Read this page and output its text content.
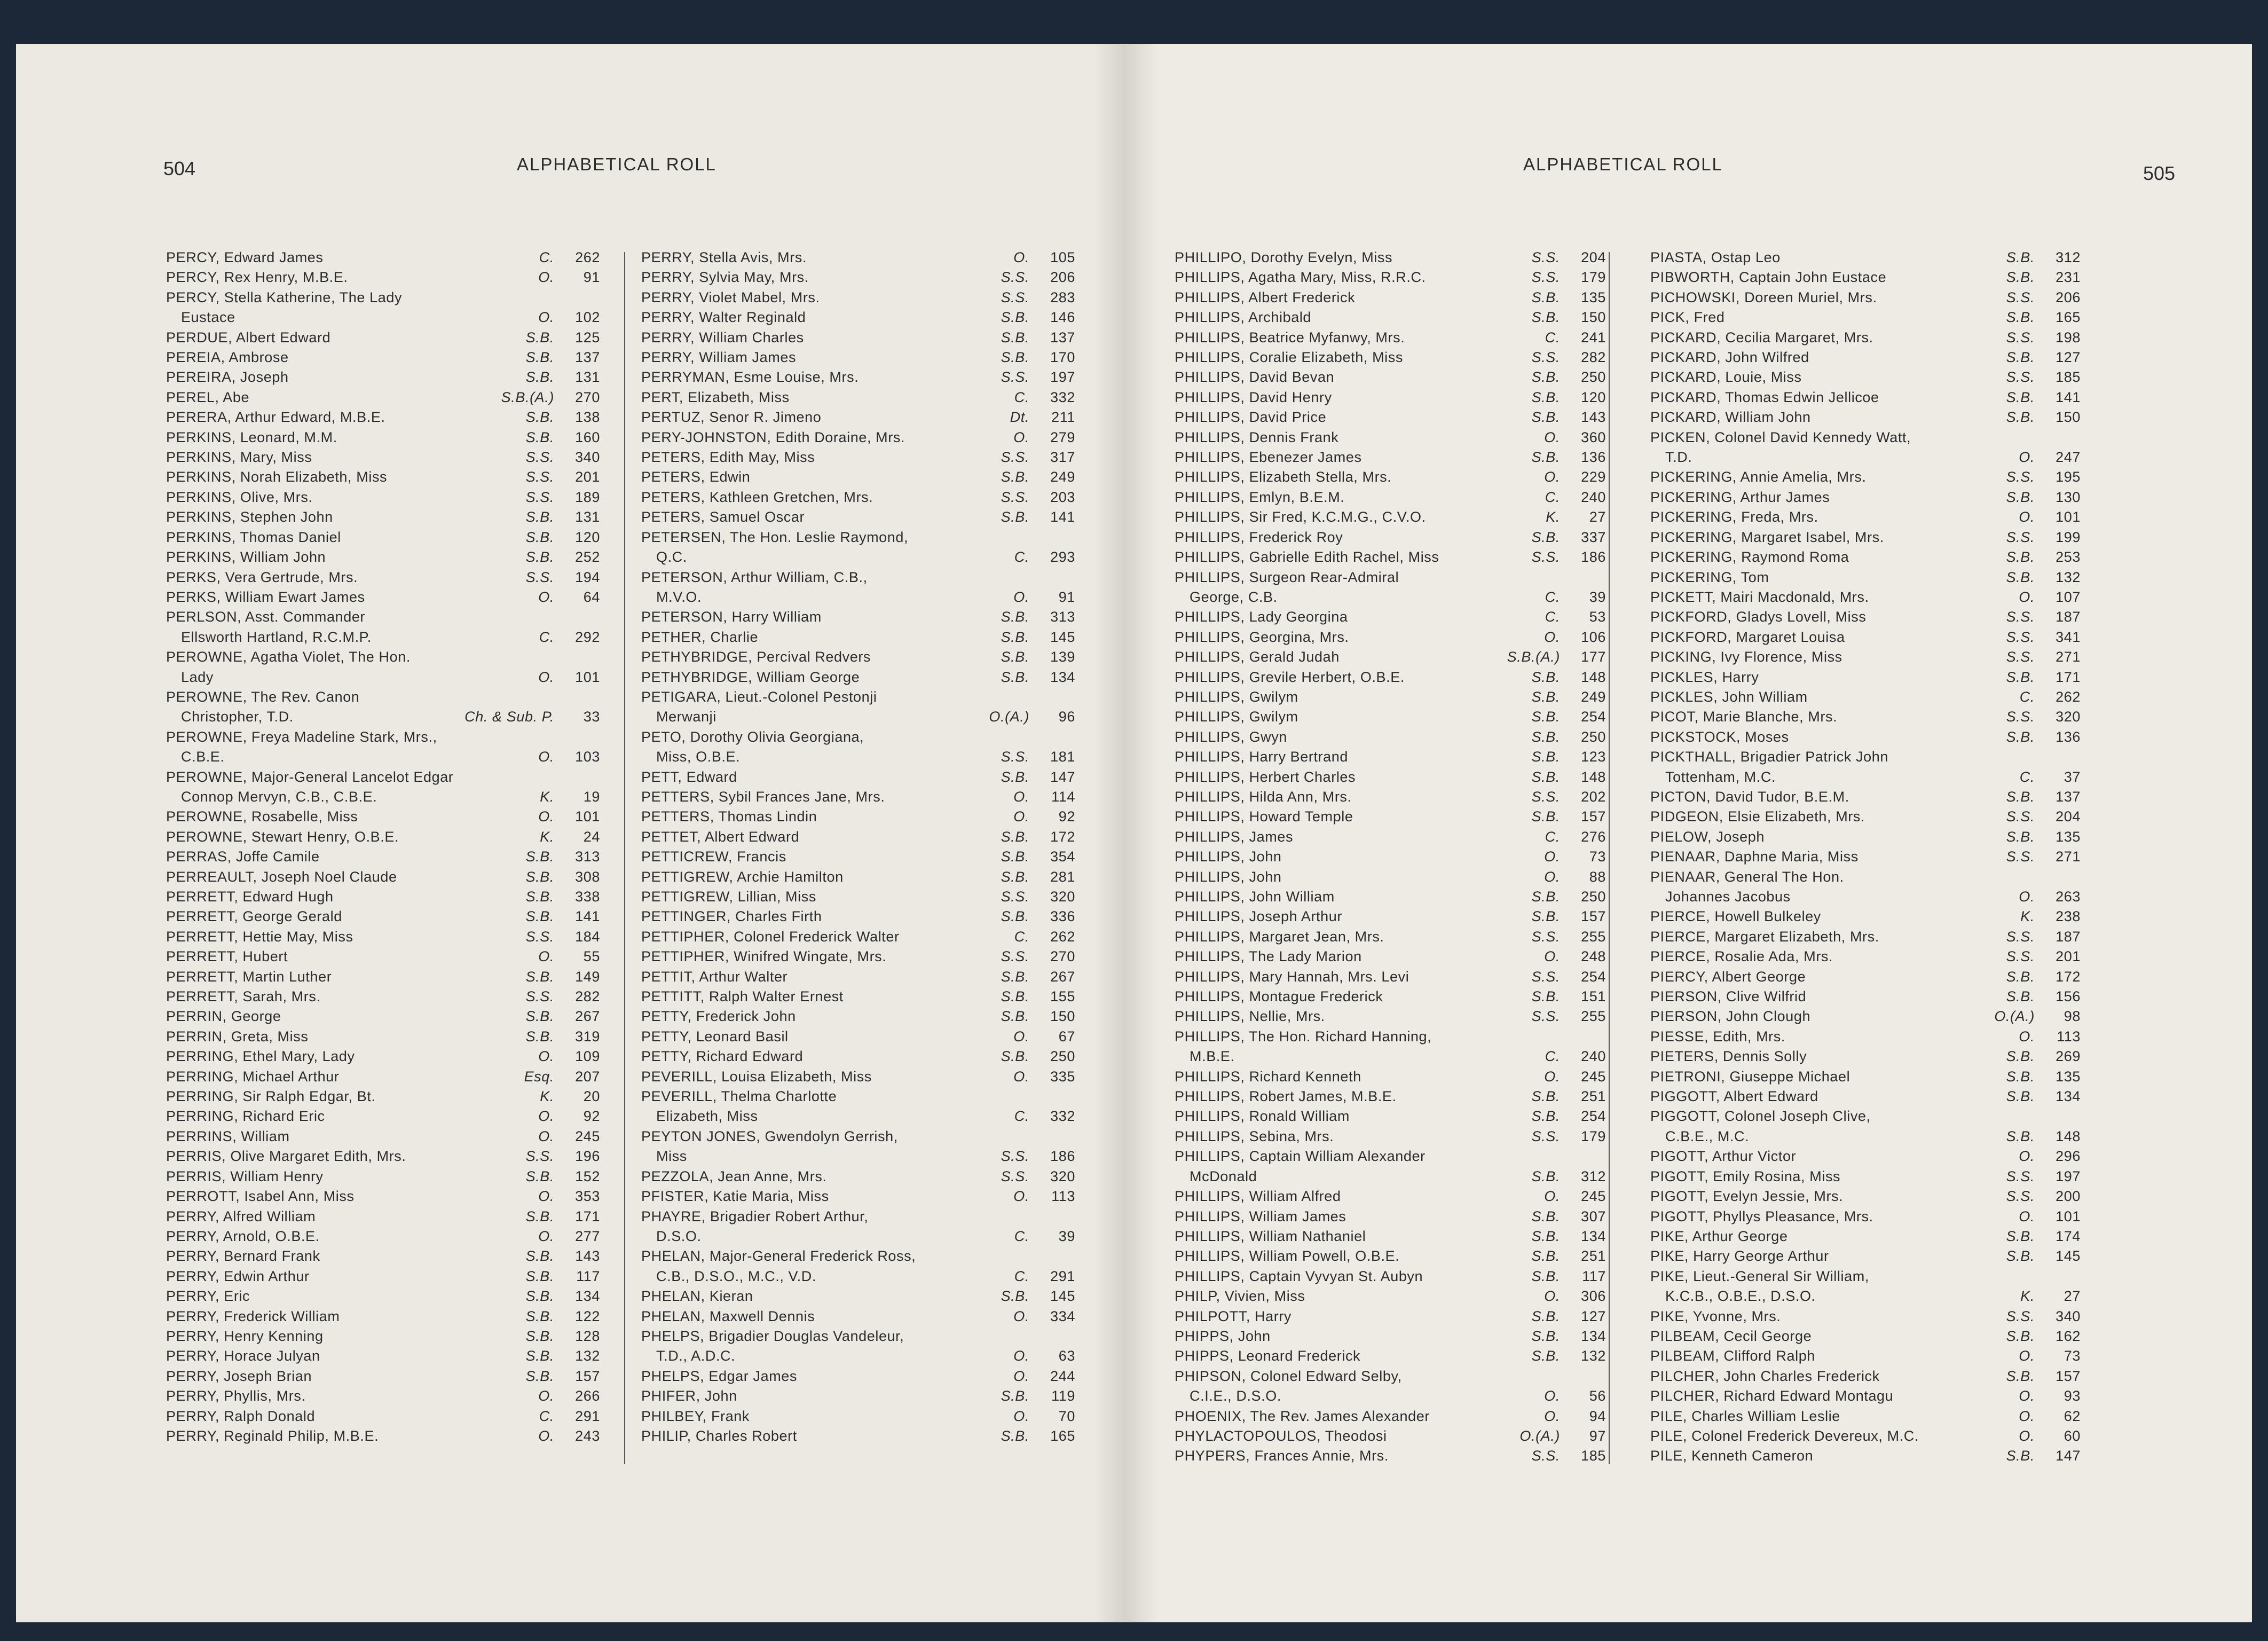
504	ALPHABETICAL ROLL
PERCY, Edward James	C.	262
PERCY, Rex Henry, M.B.E.	O.	91
PERCY, Stella Katherine, The Lady
Eustace	O.	102
PERDUE, Albert Edward	S.B.	125
PEREIA, Ambrose	S.B.	137
PEREIRA, Joseph	S.B.	131
PEREL, Abe	S.B.(A.)	270
PERERA, Arthur Edward, M.B.E.	S.B.	138
PERKINS, Leonard, M.M.	S.B.	160
PERKINS, Mary, Miss	S.S.	340
PERKINS, Norah Elizabeth, Miss	S.S.	201
PERKINS, Olive, Mrs.	S.S.	189
PERKINS, Stephen John	S.B.	131
PERKINS, Thomas Daniel	S.B.	120
PERKINS, William John	S.B.	252
PERKS, Vera Gertrude, Mrs.	S.S.	194
PERKS, William Ewart James	O.	64
PERLSON, Asst. Commander
Ellsworth Hartland, R.C.M.P.	C.	292
PEROWNE, Agatha Violet, The Hon.
Lady	O.	101
PEROWNE, The Rev. Canon
Christopher, T.D.	Ch. & Sub. P.	33
PEROWNE, Freya Madeline Stark, Mrs.,
C.B.E.	O.	103
PEROWNE, Major-General Lancelot Edgar
Connop Mervyn, C.B., C.B.E.	K.	19
PEROWNE, Rosabelle, Miss	O.	101
PEROWNE, Stewart Henry, O.B.E.	K.	24
PERRAS, Joffe Camile	S.B.	313
PERREAULT, Joseph Noel Claude	S.B.	308
PERRETT, Edward Hugh	S.B.	338
PERRETT, George Gerald	S.B.	141
PERRETT, Hettie May, Miss	S.S.	184
PERRETT, Hubert	O.	55
PERRETT, Martin Luther	S.B.	149
PERRETT, Sarah, Mrs.	S.S.	282
PERRIN, George	S.B.	267
PERRIN, Greta, Miss	S.B.	319
PERRING, Ethel Mary, Lady	O.	109
PERRING, Michael Arthur	Esq.	207
PERRING, Sir Ralph Edgar, Bt.	K.	20
PERRING, Richard Eric	O.	92
PERRINS, William	O.	245
PERRIS, Olive Margaret Edith, Mrs.	S.S.	196
PERRIS, William Henry	S.B.	152
PERROTT, Isabel Ann, Miss	O.	353
PERRY, Alfred William	S.B.	171
PERRY, Arnold, O.B.E.	O.	277
PERRY, Bernard Frank	S.B.	143
PERRY, Edwin Arthur	S.B.	117
PERRY, Eric	S.B.	134
PERRY, Frederick William	S.B.	122
PERRY, Henry Kenning	S.B.	128
PERRY, Horace Julyan	S.B.	132
PERRY, Joseph Brian	S.B.	157
PERRY, Phyllis, Mrs.	O.	266
PERRY, Ralph Donald	C.	291
PERRY, Reginald Philip, M.B.E.	O.	243
PERRY, Stella Avis, Mrs.	O.	105
PERRY, Sylvia May, Mrs.	S.S.	206
PERRY, Violet Mabel, Mrs.	S.S.	283
PERRY, Walter Reginald	S.B.	146
PERRY, William Charles	S.B.	137
PERRY, William James	S.B.	170
PERRYMAN, Esme Louise, Mrs.	S.S.	197
PERT, Elizabeth, Miss	C.	332
PERTUZ, Senor R. Jimeno	Dt.	211
PERY-JOHNSTON, Edith Doraine, Mrs.	O.	279
PETERS, Edith May, Miss	S.S.	317
PETERS, Edwin	S.B.	249
PETERS, Kathleen Gretchen, Mrs.	S.S.	203
PETERS, Samuel Oscar	S.B.	141
PETERSEN, The Hon. Leslie Raymond,
Q.C.	C.	293
PETERSON, Arthur William, C.B.,
M.V.O.	O.	91
PETERSON, Harry William	S.B.	313
PETHER, Charlie	S.B.	145
PETHYBRIDGE, Percival Redvers	S.B.	139
PETHYBRIDGE, William George	S.B.	134
PETIGARA, Lieut.-Colonel Pestonji
Merwanji	O.(A.)	96
PETO, Dorothy Olivia Georgiana,
Miss, O.B.E.	S.S.	181
PETT, Edward	S.B.	147
PETTERS, Sybil Frances Jane, Mrs.	O.	114
PETTERS, Thomas Lindin	O.	92
PETTET, Albert Edward	S.B.	172
PETTICREW, Francis	S.B.	354
PETTIGREW, Archie Hamilton	S.B.	281
PETTIGREW, Lillian, Miss	S.S.	320
PETTINGER, Charles Firth	S.B.	336
PETTIPHER, Colonel Frederick Walter	C.	262
PETTIPHER, Winifred Wingate, Mrs.	S.S.	270
PETTIT, Arthur Walter	S.B.	267
PETTITT, Ralph Walter Ernest	S.B.	155
PETTY, Frederick John	S.B.	150
PETTY, Leonard Basil	O.	67
PETTY, Richard Edward	S.B.	250
PEVERILL, Louisa Elizabeth, Miss	O.	335
PEVERILL, Thelma Charlotte
Elizabeth, Miss	C.	332
PEYTON JONES, Gwendolyn Gerrish,
Miss	S.S.	186
PEZZOLA, Jean Anne, Mrs.	S.S.	320
PFISTER, Katie Maria, Miss	O.	113
PHAYRE, Brigadier Robert Arthur,
D.S.O.	C.	39
PHELAN, Major-General Frederick Ross,
C.B., D.S.O., M.C., V.D.	C.	291
PHELAN, Kieran	S.B.	145
PHELAN, Maxwell Dennis	O.	334
PHELPS, Brigadier Douglas Vandeleur,
T.D., A.D.C.	O.	63
PHELPS, Edgar James	O.	244
PHIFER, John	S.B.	119
PHILBEY, Frank	O.	70
PHILIP, Charles Robert	S.B.	165
ALPHABETICAL ROLL	505
PHILLIPO, Dorothy Evelyn, Miss	S.S.	204
PHILLIPS, Agatha Mary, Miss, R.R.C.	S.S.	179
PHILLIPS, Albert Frederick	S.B.	135
PHILLIPS, Archibald	S.B.	150
PHILLIPS, Beatrice Myfanwy, Mrs.	C.	241
PHILLIPS, Coralie Elizabeth, Miss	S.S.	282
PHILLIPS, David Bevan	S.B.	250
PHILLIPS, David Henry	S.B.	120
PHILLIPS, David Price	S.B.	143
PHILLIPS, Dennis Frank	O.	360
PHILLIPS, Ebenezer James	S.B.	136
PHILLIPS, Elizabeth Stella, Mrs.	O.	229
PHILLIPS, Emlyn, B.E.M.	C.	240
PHILLIPS, Sir Fred, K.C.M.G., C.V.O.	K.	27
PHILLIPS, Frederick Roy	S.B.	337
PHILLIPS, Gabrielle Edith Rachel, Miss	S.S.	186
PHILLIPS, Surgeon Rear-Admiral
George, C.B.	C.	39
PHILLIPS, Lady Georgina	C.	53
PHILLIPS, Georgina, Mrs.	O.	106
PHILLIPS, Gerald Judah	S.B.(A.)	177
PHILLIPS, Grevile Herbert, O.B.E.	S.B.	148
PHILLIPS, Gwilym	S.B.	249
PHILLIPS, Gwilym	S.B.	254
PHILLIPS, Gwyn	S.B.	250
PHILLIPS, Harry Bertrand	S.B.	123
PHILLIPS, Herbert Charles	S.B.	148
PHILLIPS, Hilda Ann, Mrs.	S.S.	202
PHILLIPS, Howard Temple	S.B.	157
PHILLIPS, James	C.	276
PHILLIPS, John	O.	73
PHILLIPS, John	O.	88
PHILLIPS, John William	S.B.	250
PHILLIPS, Joseph Arthur	S.B.	157
PHILLIPS, Margaret Jean, Mrs.	S.S.	255
PHILLIPS, The Lady Marion	O.	248
PHILLIPS, Mary Hannah, Mrs. Levi	S.S.	254
PHILLIPS, Montague Frederick	S.B.	151
PHILLIPS, Nellie, Mrs.	S.S.	255
PHILLIPS, The Hon. Richard Hanning,
M.B.E.	C.	240
PHILLIPS, Richard Kenneth	O.	245
PHILLIPS, Robert James, M.B.E.	S.B.	251
PHILLIPS, Ronald William	S.B.	254
PHILLIPS, Sebina, Mrs.	S.S.	179
PHILLIPS, Captain William Alexander
McDonald	S.B.	312
PHILLIPS, William Alfred	O.	245
PHILLIPS, William James	S.B.	307
PHILLIPS, William Nathaniel	S.B.	134
PHILLIPS, William Powell, O.B.E.	S.B.	251
PHILLIPS, Captain Vyvyan St. Aubyn	S.B.	117
PHILP, Vivien, Miss	O.	306
PHILPOTT, Harry	S.B.	127
PHIPPS, John	S.B.	134
PHIPPS, Leonard Frederick	S.B.	132
PHIPSON, Colonel Edward Selby,
C.I.E., D.S.O.	O.	56
PHOENIX, The Rev. James Alexander	O.	94
PHYLACTOPOULOS, Theodosi	O.(A.)	97
PHYPERS, Frances Annie, Mrs.	S.S.	185
PIASTA, Ostap Leo	S.B.	312
PIBWORTH, Captain John Eustace	S.B.	231
PICHOWSKI, Doreen Muriel, Mrs.	S.S.	206
PICK, Fred	S.B.	165
PICKARD, Cecilia Margaret, Mrs.	S.S.	198
PICKARD, John Wilfred	S.B.	127
PICKARD, Louie, Miss	S.S.	185
PICKARD, Thomas Edwin Jellicoe	S.B.	141
PICKARD, William John	S.B.	150
PICKEN, Colonel David Kennedy Watt,
T.D.	O.	247
PICKERING, Annie Amelia, Mrs.	S.S.	195
PICKERING, Arthur James	S.B.	130
PICKERING, Freda, Mrs.	O.	101
PICKERING, Margaret Isabel, Mrs.	S.S.	199
PICKERING, Raymond Roma	S.B.	253
PICKERING, Tom	S.B.	132
PICKETT, Mairi Macdonald, Mrs.	O.	107
PICKFORD, Gladys Lovell, Miss	S.S.	187
PICKFORD, Margaret Louisa	S.S.	341
PICKING, Ivy Florence, Miss	S.S.	271
PICKLES, Harry	S.B.	171
PICKLES, John William	C.	262
PICOT, Marie Blanche, Mrs.	S.S.	320
PICKSTOCK, Moses	S.B.	136
PICKTHALL, Brigadier Patrick John
Tottenham, M.C.	C.	37
PICTON, David Tudor, B.E.M.	S.B.	137
PIDGEON, Elsie Elizabeth, Mrs.	S.S.	204
PIELOW, Joseph	S.B.	135
PIENAAR, Daphne Maria, Miss	S.S.	271
PIENAAR, General The Hon.
Johannes Jacobus	O.	263
PIERCE, Howell Bulkeley	K.	238
PIERCE, Margaret Elizabeth, Mrs.	S.S.	187
PIERCE, Rosalie Ada, Mrs.	S.S.	201
PIERCY, Albert George	S.B.	172
PIERSON, Clive Wilfrid	S.B.	156
PIERSON, John Clough	O.(A.)	98
PIESSE, Edith, Mrs.	O.	113
PIETERS, Dennis Solly	S.B.	269
PIETRONI, Giuseppe Michael	S.B.	135
PIGGOTT, Albert Edward	S.B.	134
PIGGOTT, Colonel Joseph Clive,
C.B.E., M.C.	S.B.	148
PIGOTT, Arthur Victor	O.	296
PIGOTT, Emily Rosina, Miss	S.S.	197
PIGOTT, Evelyn Jessie, Mrs.	S.S.	200
PIGOTT, Phyllys Pleasance, Mrs.	O.	101
PIKE, Arthur George	S.B.	174
PIKE, Harry George Arthur	S.B.	145
PIKE, Lieut.-General Sir William,
K.C.B., O.B.E., D.S.O.	K.	27
PIKE, Yvonne, Mrs.	S.S.	340
PILBEAM, Cecil George	S.B.	162
PILBEAM, Clifford Ralph	O.	73
PILCHER, John Charles Frederick	S.B.	157
PILCHER, Richard Edward Montagu	O.	93
PILE, Charles William Leslie	O.	62
PILE, Colonel Frederick Devereux, M.C.	O.	60
PILE, Kenneth Cameron	S.B.	147
